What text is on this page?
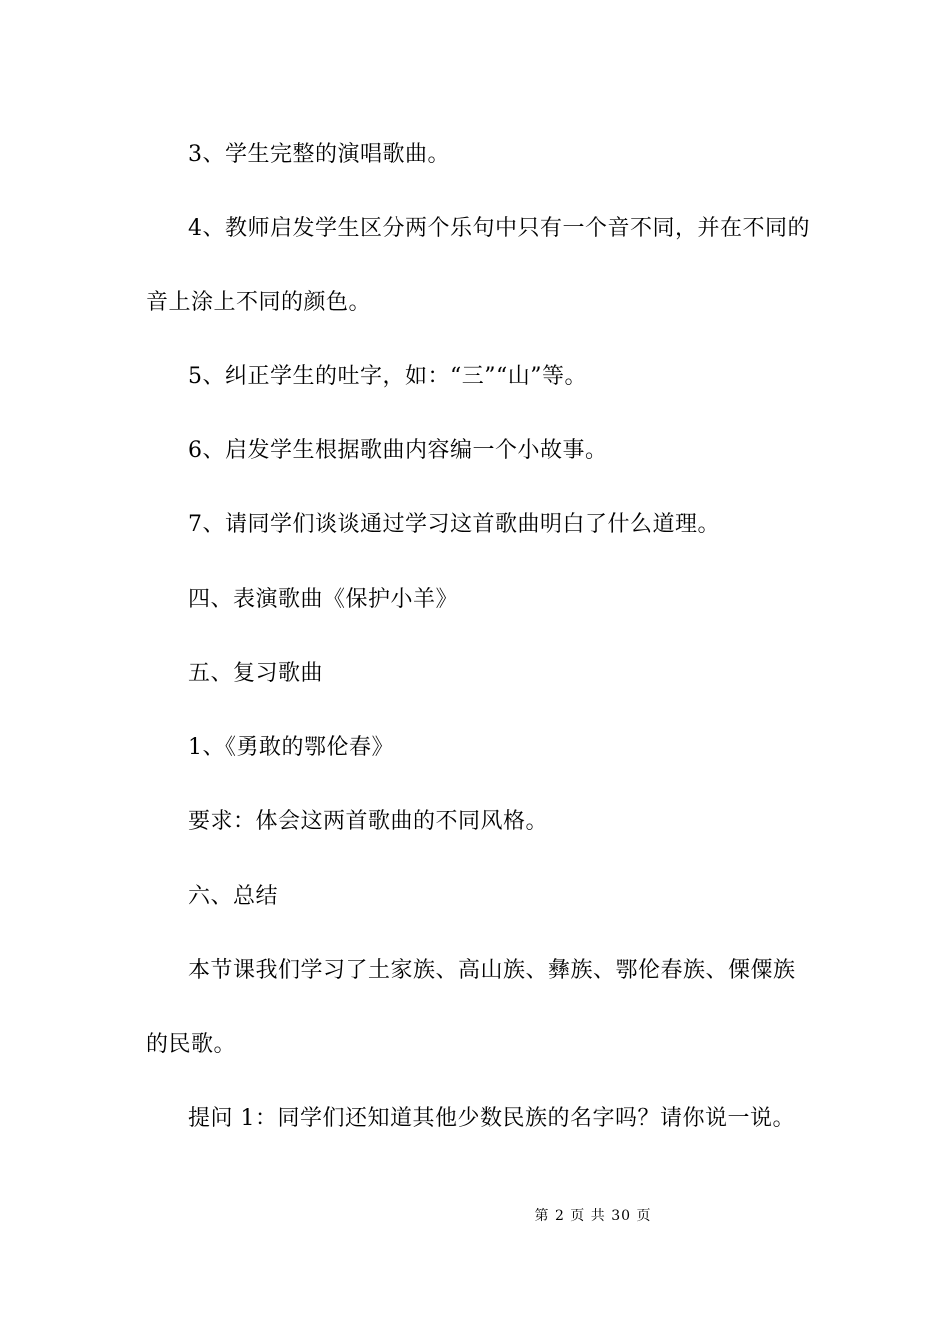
3、学生完整的演唱歌曲。
4、教师启发学生区分两个乐句中只有一个音不同，并在不同的
音上涂上不同的颜色。
5、纠正学生的吐字，如：“三”“山”等。
6、启发学生根据歌曲内容编一个小故事。
7、请同学们谈谈通过学习这首歌曲明白了什么道理。
四、表演歌曲《保护小羊》
五、复习歌曲
1、《勇敢的鄂伦春》
要求：体会这两首歌曲的不同风格。
六、总结
本节课我们学习了土家族、高山族、彝族、鄂伦春族、傈僳族
的民歌。
提问 1：同学们还知道其他少数民族的名字吗？请你说一说。
第 2 页 共 30 页
